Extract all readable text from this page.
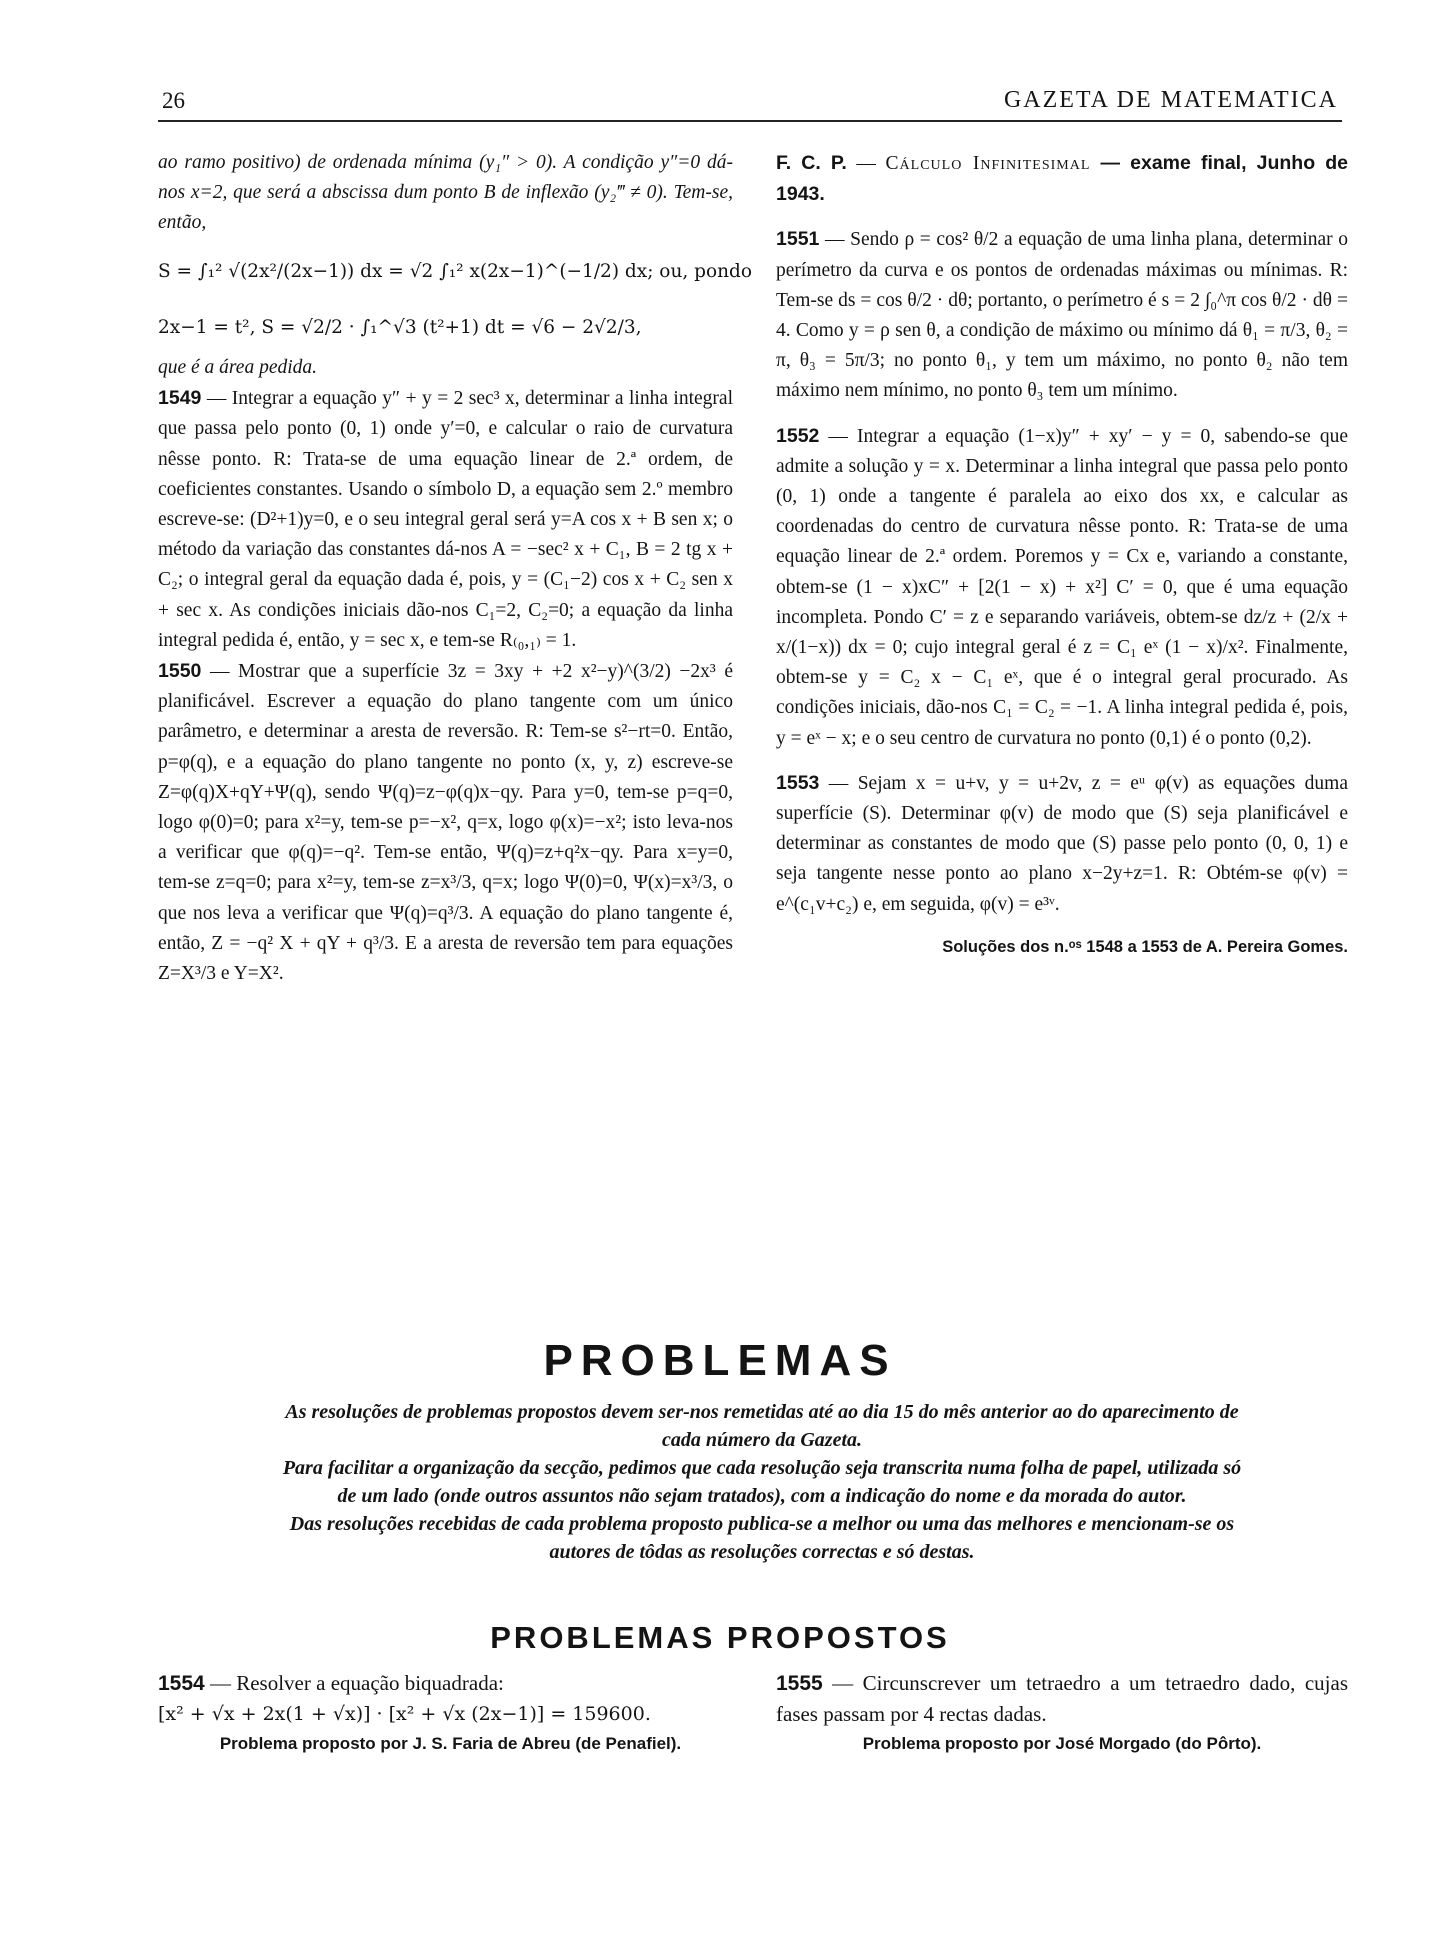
26	GAZETA DE MATEMATICA

ao ramo positivo) de ordenada mínima (y₁″ > 0). A condição y″=0 dá-nos x=2, que será a abscissa dum ponto B de inflexão (y₂‴ ≠ 0). Tem-se, então,

S = ∫₁² √(2x²/(2x−1)) dx = √2 ∫₁² x(2x−1)^(−1/2) dx; ou, pondo

2x−1 = t², S = √2/2 · ∫₁^√3 (t²+1) dt = √6 − 2√2/3,

que é a área pedida.

1549 — Integrar a equação y″ + y = 2 sec³ x, determinar a linha integral que passa pelo ponto (0, 1) onde y′=0, e calcular o raio de curvatura nêsse ponto. R: Trata-se de uma equação linear de 2.ª ordem, de coeficientes constantes. Usando o símbolo D, a equação sem 2.º membro escreve-se: (D²+1)y=0, e o seu integral geral será y=A cos x + B sen x; o método da variação das constantes dá-nos A = −sec² x + C₁, B = 2 tg x + C₂; o integral geral da equação dada é, pois, y = (C₁−2) cos x + C₂ sen x + sec x. As condições iniciais dão-nos C₁=2, C₂=0; a equação da linha integral pedida é, então, y = sec x, e tem-se R₍₀,₁₎ = 1.

1550 — Mostrar que a superfície 3z = 3xy + +2 x²−y)^(3/2) −2x³ é planificável. Escrever a equação do plano tangente com um único parâmetro, e determinar a aresta de reversão. R: Tem-se s²−rt=0. Então, p=φ(q), e a equação do plano tangente no ponto (x, y, z) escreve-se Z=φ(q)X+qY+Ψ(q), sendo Ψ(q)=z−φ(q)x−qy. Para y=0, tem-se p=q=0, logo φ(0)=0; para x²=y, tem-se p=−x², q=x, logo φ(x)=−x²; isto leva-nos a verificar que φ(q)=−q². Tem-se então, Ψ(q)=z+q²x−qy. Para x=y=0, tem-se z=q=0; para x²=y, tem-se z=x³/3, q=x; logo Ψ(0)=0, Ψ(x)=x³/3, o que nos leva a verificar que Ψ(q)=q³/3. A equação do plano tangente é, então, Z = −q² X + qY + q³/3. E a aresta de reversão tem para equações Z=X³/3 e Y=X².

F. C. P. — Cálculo Infinitesimal — exame final, Junho de 1943.

1551 — Sendo ρ = cos² θ/2 a equação de uma linha plana, determinar o perímetro da curva e os pontos de ordenadas máximas ou mínimas. R: Tem-se ds = cos θ/2 · dθ; portanto, o perímetro é s = 2 ∫₀^π cos θ/2 · dθ = 4. Como y = ρ sen θ, a condição de máximo ou mínimo dá θ₁ = π/3, θ₂ = π, θ₃ = 5π/3; no ponto θ₁, y tem um máximo, no ponto θ₂ não tem máximo nem mínimo, no ponto θ₃ tem um mínimo.

1552 — Integrar a equação (1−x)y″ + xy′ − y = 0, sabendo-se que admite a solução y = x. Determinar a linha integral que passa pelo ponto (0, 1) onde a tangente é paralela ao eixo dos xx, e calcular as coordenadas do centro de curvatura nêsse ponto. R: Trata-se de uma equação linear de 2.ª ordem. Poremos y = Cx e, variando a constante, obtem-se (1 − x)xC″ + [2(1 − x) + x²] C′ = 0, que é uma equação incompleta. Pondo C′ = z e separando variáveis, obtem-se dz/z + (2/x + x/(1−x)) dx = 0; cujo integral geral é z = C₁ eˣ (1 − x)/x². Finalmente, obtem-se y = C₂ x − C₁ eˣ, que é o integral geral procurado. As condições iniciais, dão-nos C₁ = C₂ = −1. A linha integral pedida é, pois, y = eˣ − x; e o seu centro de curvatura no ponto (0,1) é o ponto (0,2).

1553 — Sejam x = u+v, y = u+2v, z = eᵘ φ(v) as equações duma superfície (S). Determinar φ(v) de modo que (S) seja planificável e determinar as constantes de modo que (S) passe pelo ponto (0, 0, 1) e seja tangente nesse ponto ao plano x−2y+z=1. R: Obtém-se φ(v) = e^(c₁v+c₂) e, em seguida, φ(v) = e³ᵛ.

Soluções dos n.ᵒˢ 1548 a 1553 de A. Pereira Gomes.

PROBLEMAS

As resoluções de problemas propostos devem ser-nos remetidas até ao dia 15 do mês anterior ao do aparecimento de cada número da Gazeta.

Para facilitar a organização da secção, pedimos que cada resolução seja transcrita numa folha de papel, utilizada só de um lado (onde outros assuntos não sejam tratados), com a indicação do nome e da morada do autor.

Das resoluções recebidas de cada problema proposto publica-se a melhor ou uma das melhores e mencionam-se os autores de tôdas as resoluções correctas e só destas.

PROBLEMAS PROPOSTOS

1554 — Resolver a equação biquadrada:

[x² + √x + 2x(1 + √x)] · [x² + √x (2x−1)] = 159600.

Problema proposto por J. S. Faria de Abreu (de Penafiel).

1555 — Circunscrever um tetraedro a um tetraedro dado, cujas fases passam por 4 rectas dadas.

Problema proposto por José Morgado (do Pôrto).
